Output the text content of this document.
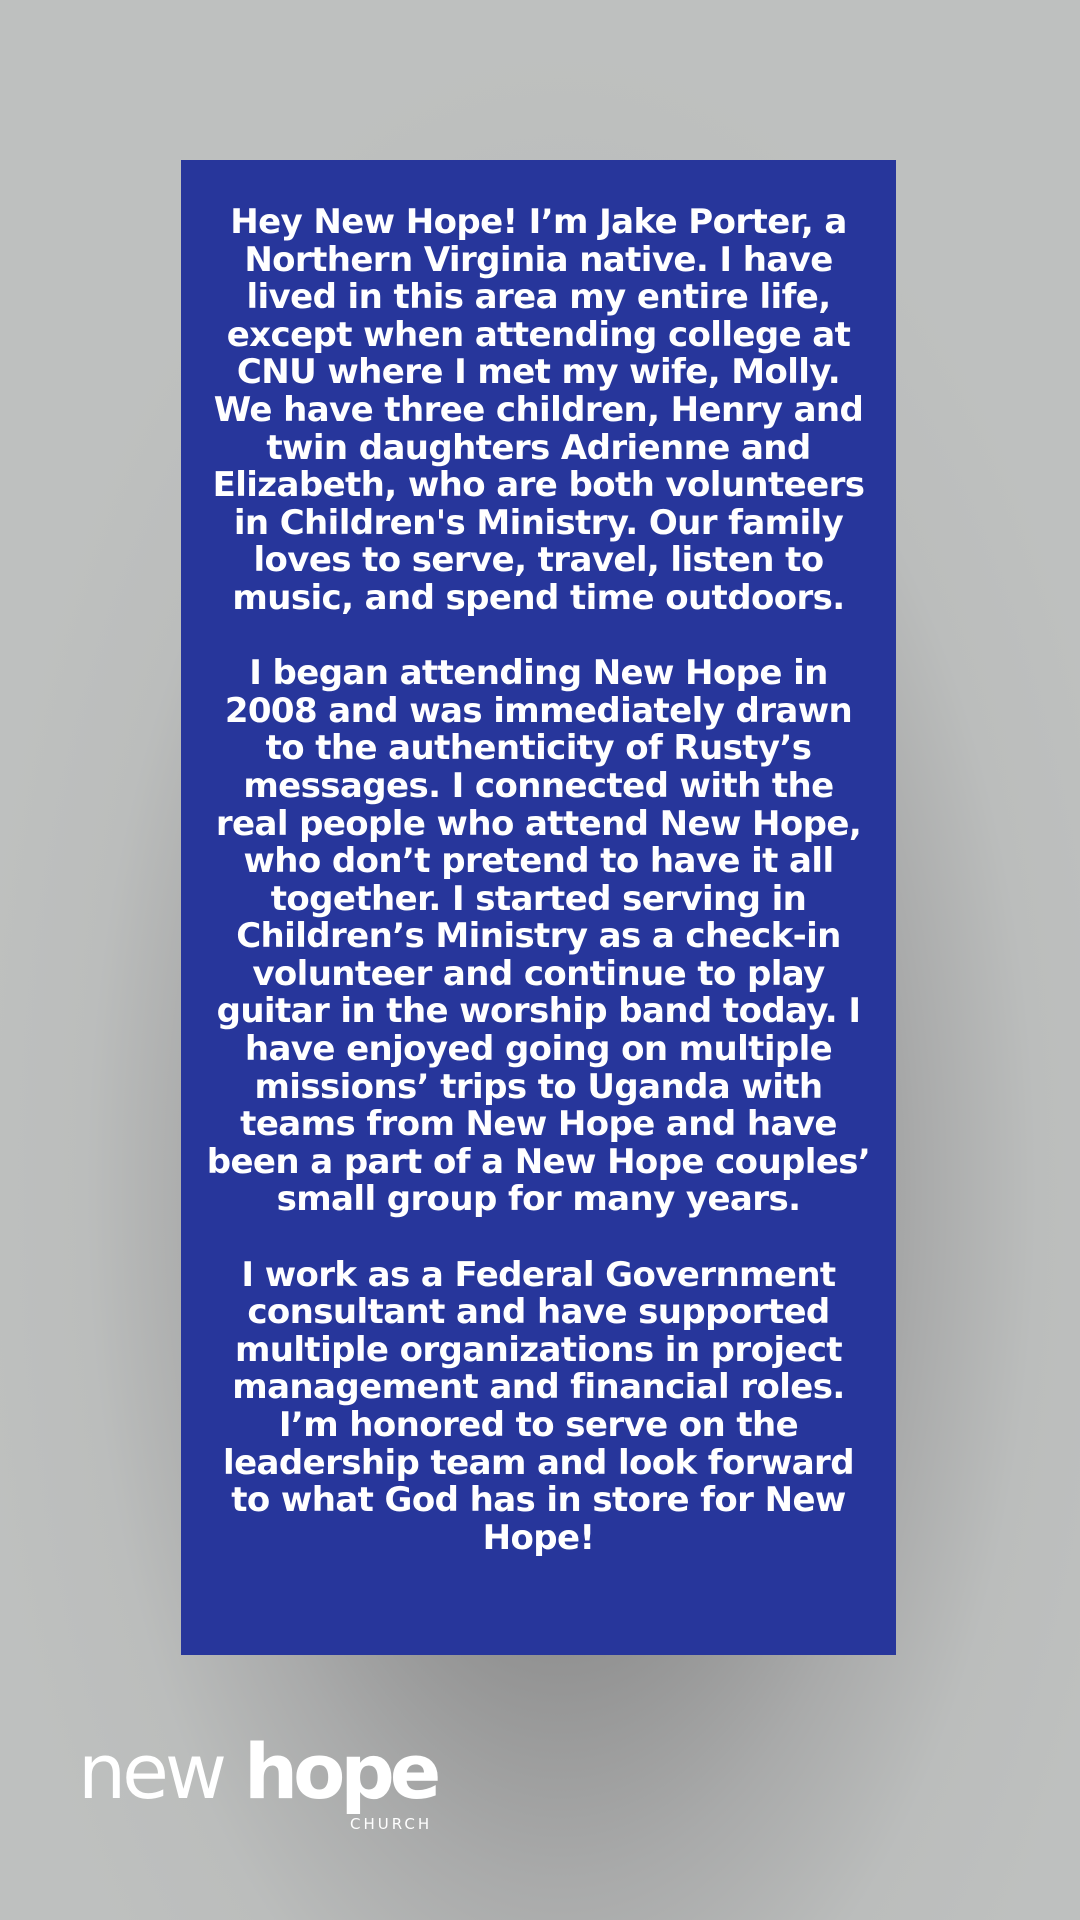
Hey New Hope! I’m Jake Porter, a Northern Virginia native. I have lived in this area my entire life, except when attending college at CNU where I met my wife, Molly. We have three children, Henry and twin daughters Adrienne and Elizabeth, who are both volunteers in Children's Ministry. Our family loves to serve, travel, listen to music, and spend time outdoors.

I began attending New Hope in 2008 and was immediately drawn to the authenticity of Rusty’s messages. I connected with the real people who attend New Hope, who don’t pretend to have it all together. I started serving in Children’s Ministry as a check-in volunteer and continue to play guitar in the worship band today. I have enjoyed going on multiple missions’ trips to Uganda with teams from New Hope and have been a part of a New Hope couples’ small group for many years.

I work as a Federal Government consultant and have supported multiple organizations in project management and financial roles. I’m honored to serve on the leadership team and look forward to what God has in store for New Hope!

new hope
CHURCH
